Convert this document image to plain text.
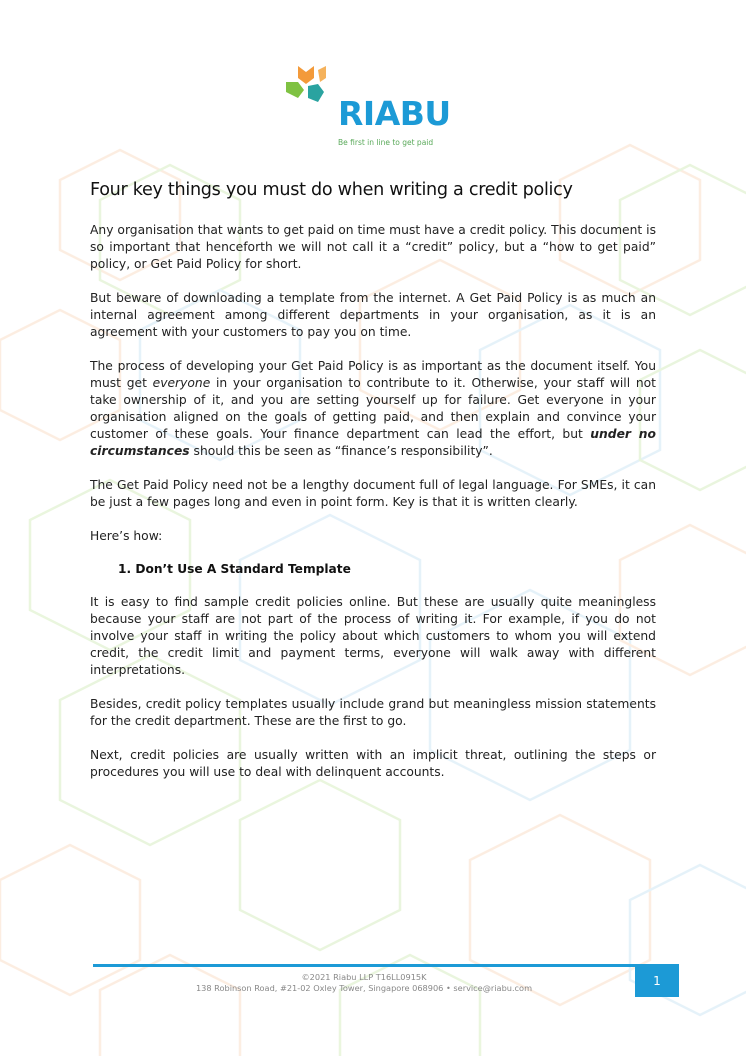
RIABU
Be first in line to get paid
Four key things you must do when writing a credit policy

Any organisation that wants to get paid on time must have a credit policy. This document is so important that henceforth we will not call it a “credit” policy, but a “how to get paid” policy, or Get Paid Policy for short.

But beware of downloading a template from the internet. A Get Paid Policy is as much an internal agreement among different departments in your organisation, as it is an agreement with your customers to pay you on time.

The process of developing your Get Paid Policy is as important as the document itself. You must get everyone in your organisation to contribute to it. Otherwise, your staff will not take ownership of it, and you are setting yourself up for failure. Get everyone in your organisation aligned on the goals of getting paid, and then explain and convince your customer of these goals. Your finance department can lead the effort, but under no circumstances should this be seen as “finance’s responsibility”.

The Get Paid Policy need not be a lengthy document full of legal language. For SMEs, it can be just a few pages long and even in point form. Key is that it is written clearly.

Here’s how:

1. Don’t Use A Standard Template

It is easy to find sample credit policies online. But these are usually quite meaningless because your staff are not part of the process of writing it. For example, if you do not involve your staff in writing the policy about which customers to whom you will extend credit, the credit limit and payment terms, everyone will walk away with different interpretations.

Besides, credit policy templates usually include grand but meaningless mission statements for the credit department. These are the first to go.

Next, credit policies are usually written with an implicit threat, outlining the steps or procedures you will use to deal with delinquent accounts.

©2021 Riabu LLP T16LL0915K
138 Robinson Road, #21-02 Oxley Tower, Singapore 068906 • service@riabu.com
1
